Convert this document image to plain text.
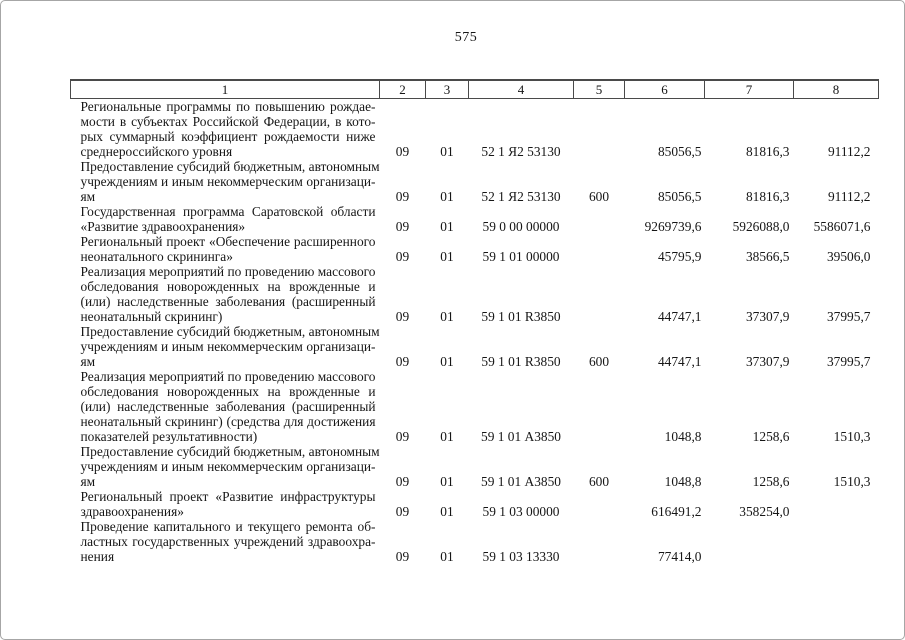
575
1	2	3	4	5	6	7	8

Региональные программы по повышению рождае-
мости в субъектах Российской Федерации, в кото-
рых суммарный коэффициент рождаемости ниже
среднероссийского уровня	09	01	52 1 Я2 53130		85056,5	81816,3	91112,2

Предоставление субсидий бюджетным, автономным
учреждениям и иным некоммерческим организаци-
ям	09	01	52 1 Я2 53130	600	85056,5	81816,3	91112,2

Государственная программа Саратовской области
«Развитие здравоохранения»	09	01	59 0 00 00000		9269739,6	5926088,0	5586071,6

Региональный проект «Обеспечение расширенного
неонатального скрининга»	09	01	59 1 01 00000		45795,9	38566,5	39506,0

Реализация мероприятий по проведению массового
обследования новорожденных на врожденные и
(или) наследственные заболевания (расширенный
неонатальный скрининг)	09	01	59 1 01 R3850		44747,1	37307,9	37995,7

Предоставление субсидий бюджетным, автономным
учреждениям и иным некоммерческим организаци-
ям	09	01	59 1 01 R3850	600	44747,1	37307,9	37995,7

Реализация мероприятий по проведению массового
обследования новорожденных на врожденные и
(или) наследственные заболевания (расширенный
неонатальный скрининг) (средства для достижения
показателей результативности)	09	01	59 1 01 А3850		1048,8	1258,6	1510,3

Предоставление субсидий бюджетным, автономным
учреждениям и иным некоммерческим организаци-
ям	09	01	59 1 01 А3850	600	1048,8	1258,6	1510,3

Региональный проект «Развитие инфраструктуры
здравоохранения»	09	01	59 1 03 00000		616491,2	358254,0	

Проведение капитального и текущего ремонта об-
ластных государственных учреждений здравоохра-
нения	09	01	59 1 03 13330		77414,0		
